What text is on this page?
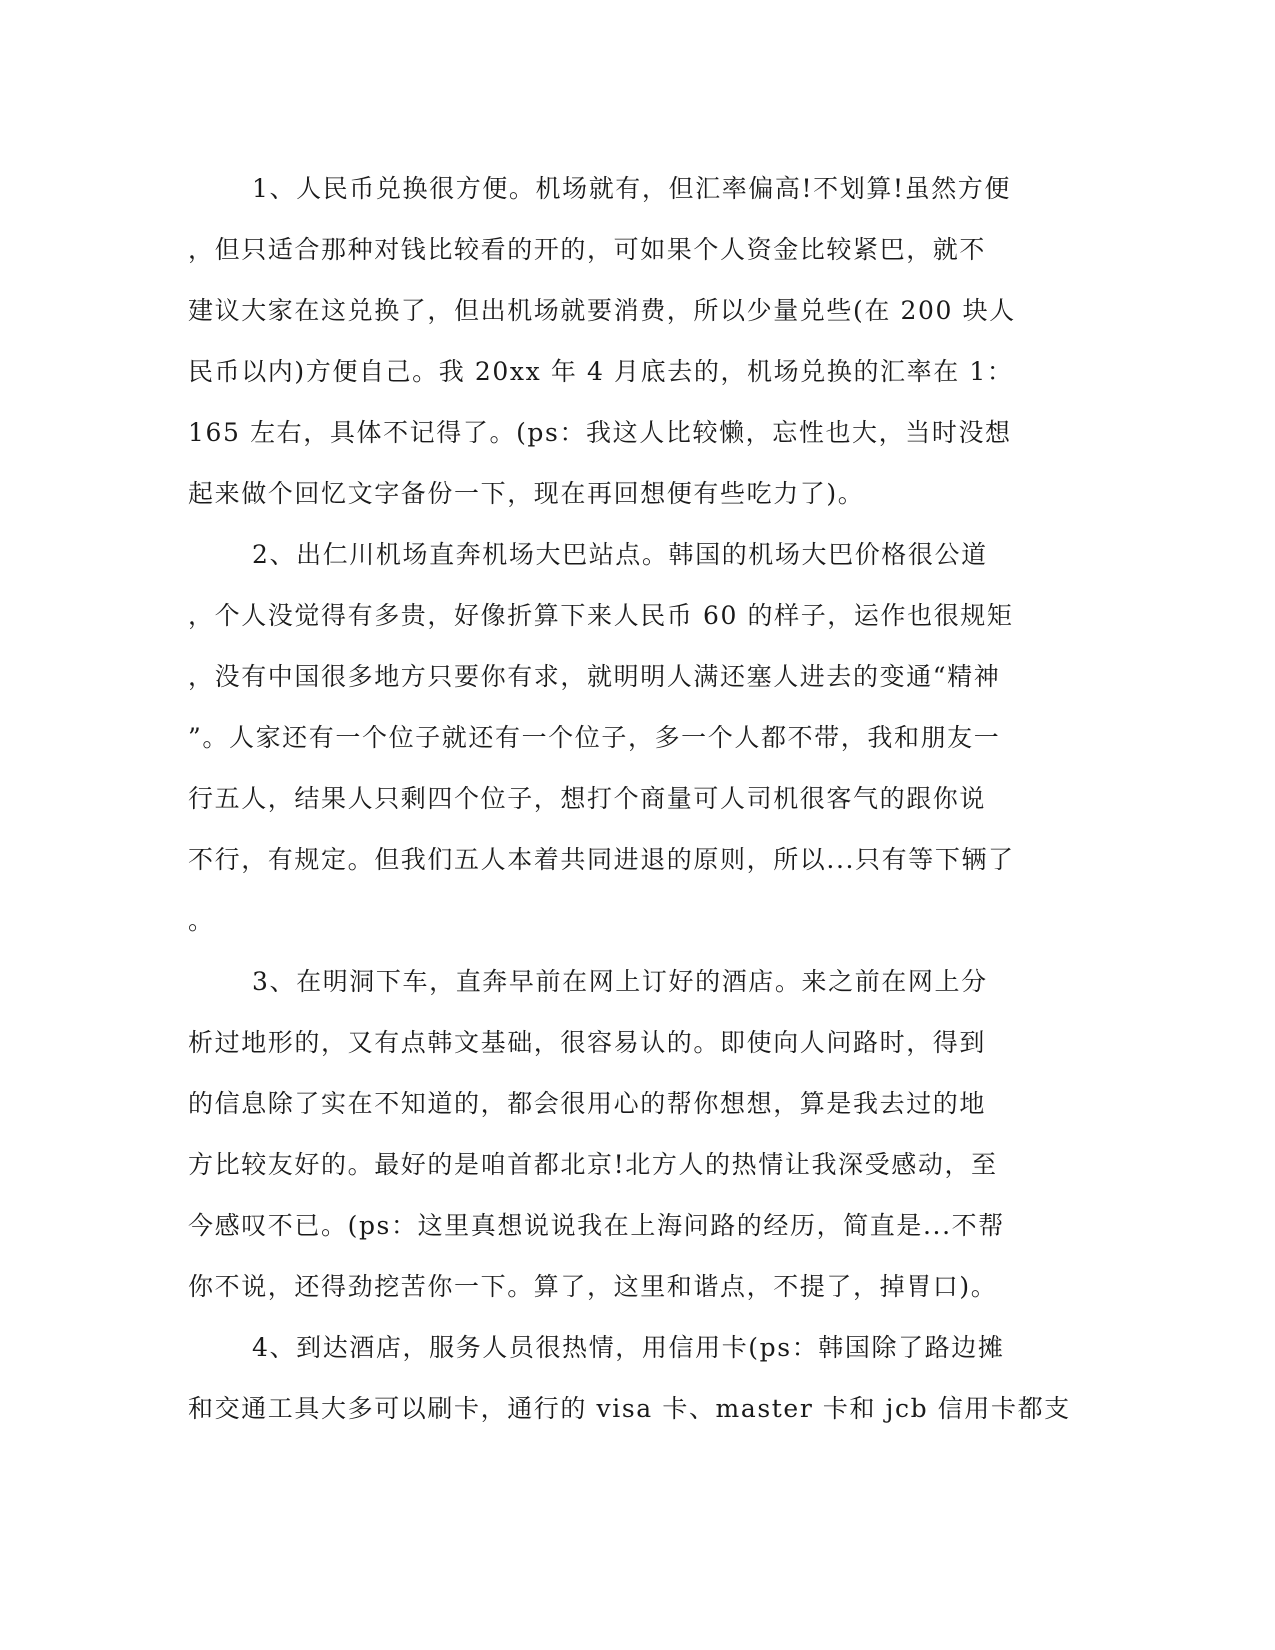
1、人民币兑换很方便。机场就有，但汇率偏高!不划算!虽然方便
，但只适合那种对钱比较看的开的，可如果个人资金比较紧巴，就不
建议大家在这兑换了，但出机场就要消费，所以少量兑些(在 200 块人
民币以内)方便自己。我 20xx 年 4 月底去的，机场兑换的汇率在 1：
165 左右，具体不记得了。(ps：我这人比较懒，忘性也大，当时没想
起来做个回忆文字备份一下，现在再回想便有些吃力了)。
2、出仁川机场直奔机场大巴站点。韩国的机场大巴价格很公道
，个人没觉得有多贵，好像折算下来人民币 60 的样子，运作也很规矩
，没有中国很多地方只要你有求，就明明人满还塞人进去的变通“精神
”。人家还有一个位子就还有一个位子，多一个人都不带，我和朋友一
行五人，结果人只剩四个位子，想打个商量可人司机很客气的跟你说
不行，有规定。但我们五人本着共同进退的原则，所以...只有等下辆了
。
3、在明洞下车，直奔早前在网上订好的酒店。来之前在网上分
析过地形的，又有点韩文基础，很容易认的。即使向人问路时，得到
的信息除了实在不知道的，都会很用心的帮你想想，算是我去过的地
方比较友好的。最好的是咱首都北京!北方人的热情让我深受感动，至
今感叹不已。(ps：这里真想说说我在上海问路的经历，简直是...不帮
你不说，还得劲挖苦你一下。算了，这里和谐点，不提了，掉胃口)。
4、到达酒店，服务人员很热情，用信用卡(ps：韩国除了路边摊
和交通工具大多可以刷卡，通行的 visa 卡、master 卡和 jcb 信用卡都支
